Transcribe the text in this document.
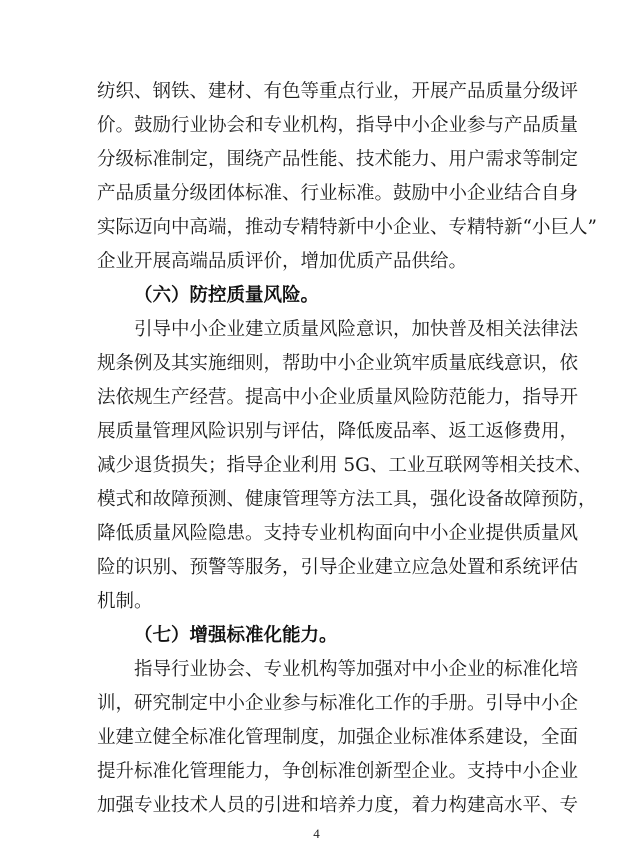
纺织、钢铁、建材、有色等重点行业，开展产品质量分级评
价。鼓励行业协会和专业机构，指导中小企业参与产品质量
分级标准制定，围绕产品性能、技术能力、用户需求等制定
产品质量分级团体标准、行业标准。鼓励中小企业结合自身
实际迈向中高端，推动专精特新中小企业、专精特新“小巨人”
企业开展高端品质评价，增加优质产品供给。
（六）防控质量风险。
引导中小企业建立质量风险意识，加快普及相关法律法
规条例及其实施细则，帮助中小企业筑牢质量底线意识，依
法依规生产经营。提高中小企业质量风险防范能力，指导开
展质量管理风险识别与评估，降低废品率、返工返修费用，
减少退货损失；指导企业利用 5G、工业互联网等相关技术、
模式和故障预测、健康管理等方法工具，强化设备故障预防，
降低质量风险隐患。支持专业机构面向中小企业提供质量风
险的识别、预警等服务，引导企业建立应急处置和系统评估
机制。
（七）增强标准化能力。
指导行业协会、专业机构等加强对中小企业的标准化培
训，研究制定中小企业参与标准化工作的手册。引导中小企
业建立健全标准化管理制度，加强企业标准体系建设，全面
提升标准化管理能力，争创标准创新型企业。支持中小企业
加强专业技术人员的引进和培养力度，着力构建高水平、专
4
